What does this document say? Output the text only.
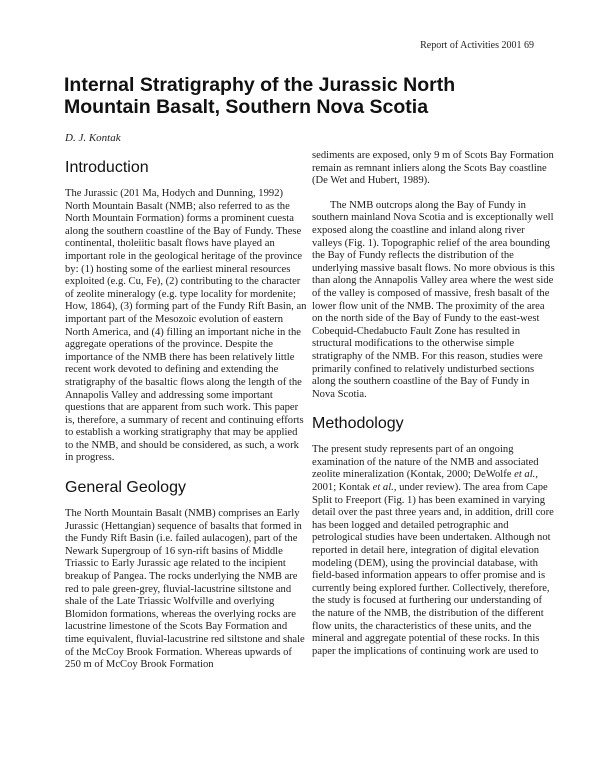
Report of Activities 2001 69
Internal Stratigraphy of the Jurassic North Mountain Basalt, Southern Nova Scotia
D. J. Kontak
Introduction

The Jurassic (201 Ma, Hodych and Dunning, 1992) North Mountain Basalt (NMB; also referred to as the North Mountain Formation) forms a prominent cuesta along the southern coastline of the Bay of Fundy. These continental, tholeiitic basalt flows have played an important role in the geological heritage of the province by: (1) hosting some of the earliest mineral resources exploited (e.g. Cu, Fe), (2) contributing to the character of zeolite mineralogy (e.g. type locality for mordenite; How, 1864), (3) forming part of the Fundy Rift Basin, an important part of the Mesozoic evolution of eastern North America, and (4) filling an important niche in the aggregate operations of the province. Despite the importance of the NMB there has been relatively little recent work devoted to defining and extending the stratigraphy of the basaltic flows along the length of the Annapolis Valley and addressing some important questions that are apparent from such work. This paper is, therefore, a summary of recent and continuing efforts to establish a working stratigraphy that may be applied to the NMB, and should be considered, as such, a work in progress.

General Geology

The North Mountain Basalt (NMB) comprises an Early Jurassic (Hettangian) sequence of basalts that formed in the Fundy Rift Basin (i.e. failed aulacogen), part of the Newark Supergroup of 16 syn-rift basins of Middle Triassic to Early Jurassic age related to the incipient breakup of Pangea. The rocks underlying the NMB are red to pale green-grey, fluvial-lacustrine siltstone and shale of the Late Triassic Wolfville and overlying Blomidon formations, whereas the overlying rocks are lacustrine limestone of the Scots Bay Formation and time equivalent, fluvial-lacustrine red siltstone and shale of the McCoy Brook Formation. Whereas upwards of 250 m of McCoy Brook Formation

sediments are exposed, only 9 m of Scots Bay Formation remain as remnant inliers along the Scots Bay coastline (De Wet and Hubert, 1989).

The NMB outcrops along the Bay of Fundy in southern mainland Nova Scotia and is exceptionally well exposed along the coastline and inland along river valleys (Fig. 1). Topographic relief of the area bounding the Bay of Fundy reflects the distribution of the underlying massive basalt flows. No more obvious is this than along the Annapolis Valley area where the west side of the valley is composed of massive, fresh basalt of the lower flow unit of the NMB. The proximity of the area on the north side of the Bay of Fundy to the east-west Cobequid-Chedabucto Fault Zone has resulted in structural modifications to the otherwise simple stratigraphy of the NMB. For this reason, studies were primarily confined to relatively undisturbed sections along the southern coastline of the Bay of Fundy in Nova Scotia.

Methodology

The present study represents part of an ongoing examination of the nature of the NMB and associated zeolite mineralization (Kontak, 2000; DeWolfe et al., 2001; Kontak et al., under review). The area from Cape Split to Freeport (Fig. 1) has been examined in varying detail over the past three years and, in addition, drill core has been logged and detailed petrographic and petrological studies have been undertaken. Although not reported in detail here, integration of digital elevation modeling (DEM), using the provincial database, with field-based information appears to offer promise and is currently being explored further. Collectively, therefore, the study is focused at furthering our understanding of the nature of the NMB, the distribution of the different flow units, the characteristics of these units, and the mineral and aggregate potential of these rocks. In this paper the implications of continuing work are used to
